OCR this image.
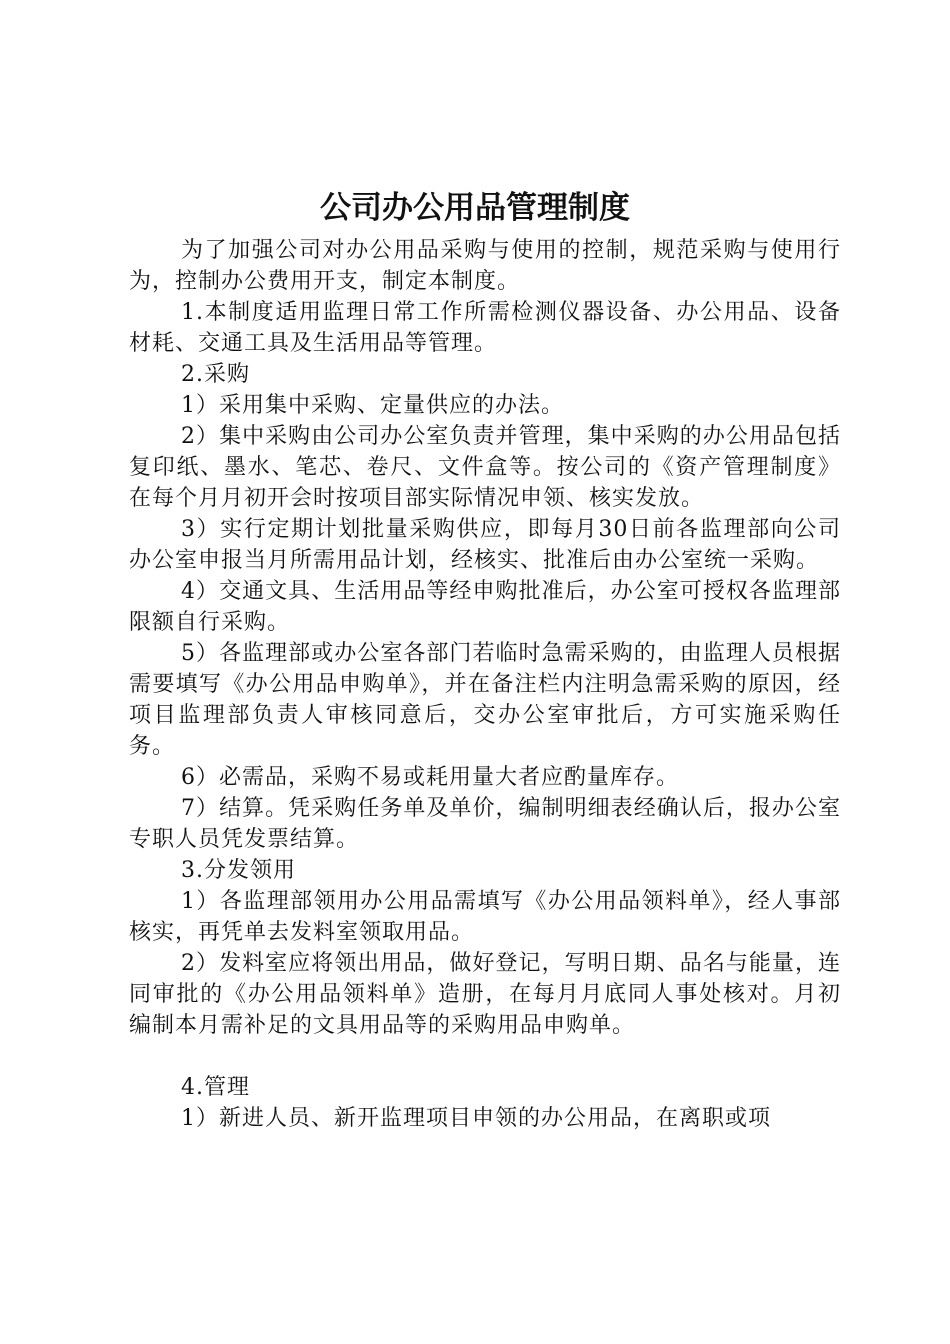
公司办公用品管理制度

为了加强公司对办公用品采购与使用的控制，规范采购与使用行为，控制办公费用开支，制定本制度。

1.本制度适用监理日常工作所需检测仪器设备、办公用品、设备材耗、交通工具及生活用品等管理。

2.采购

1）采用集中采购、定量供应的办法。

2）集中采购由公司办公室负责并管理，集中采购的办公用品包括复印纸、墨水、笔芯、卷尺、文件盒等。按公司的《资产管理制度》在每个月月初开会时按项目部实际情况申领、核实发放。

3）实行定期计划批量采购供应，即每月30日前各监理部向公司办公室申报当月所需用品计划，经核实、批准后由办公室统一采购。

4）交通文具、生活用品等经申购批准后，办公室可授权各监理部限额自行采购。

5）各监理部或办公室各部门若临时急需采购的，由监理人员根据需要填写《办公用品申购单》，并在备注栏内注明急需采购的原因，经项目监理部负责人审核同意后，交办公室审批后，方可实施采购任务。

6）必需品，采购不易或耗用量大者应酌量库存。

7）结算。凭采购任务单及单价，编制明细表经确认后，报办公室专职人员凭发票结算。

3.分发领用

1）各监理部领用办公用品需填写《办公用品领料单》，经人事部核实，再凭单去发料室领取用品。

2）发料室应将领出用品，做好登记，写明日期、品名与能量，连同审批的《办公用品领料单》造册，在每月月底同人事处核对。月初编制本月需补足的文具用品等的采购用品申购单。

4.管理

1）新进人员、新开监理项目申领的办公用品，在离职或项
